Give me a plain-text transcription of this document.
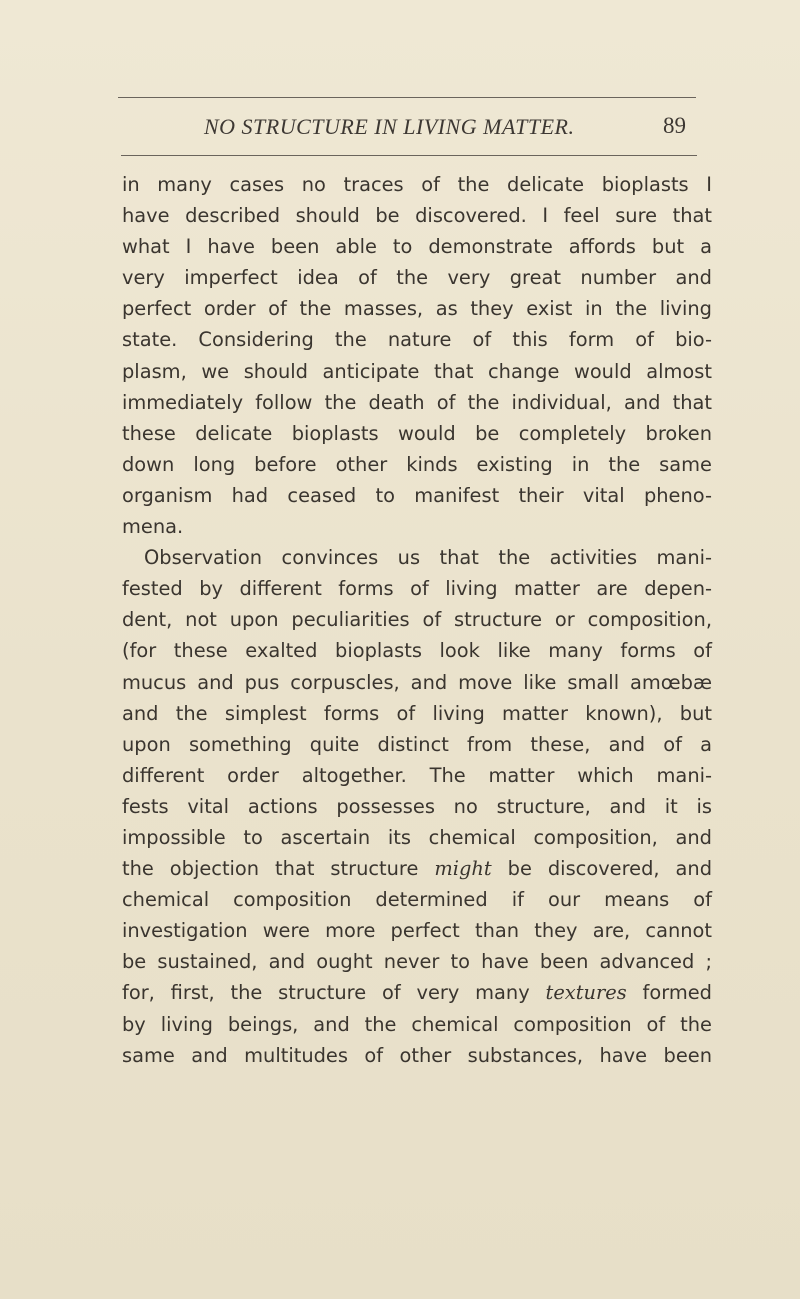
NO STRUCTURE IN LIVING MATTER.	89
in many cases no traces of the delicate bioplasts I
have described should be discovered. I feel sure that
what I have been able to demonstrate affords but a
very imperfect idea of the very great number and
perfect order of the masses, as they exist in the living
state. Considering the nature of this form of bio-
plasm, we should anticipate that change would almost
immediately follow the death of the individual, and that
these delicate bioplasts would be completely broken
down long before other kinds existing in the same
organism had ceased to manifest their vital pheno-
mena.
Observation convinces us that the activities mani-
fested by different forms of living matter are depen-
dent, not upon peculiarities of structure or composition,
(for these exalted bioplasts look like many forms of
mucus and pus corpuscles, and move like small amœbæ
and the simplest forms of living matter known), but
upon something quite distinct from these, and of a
different order altogether. The matter which mani-
fests vital actions possesses no structure, and it is
impossible to ascertain its chemical composition, and
the objection that structure might be discovered, and
chemical composition determined if our means of
investigation were more perfect than they are, cannot
be sustained, and ought never to have been advanced ;
for, first, the structure of very many textures formed
by living beings, and the chemical composition of the
same and multitudes of other substances, have been
